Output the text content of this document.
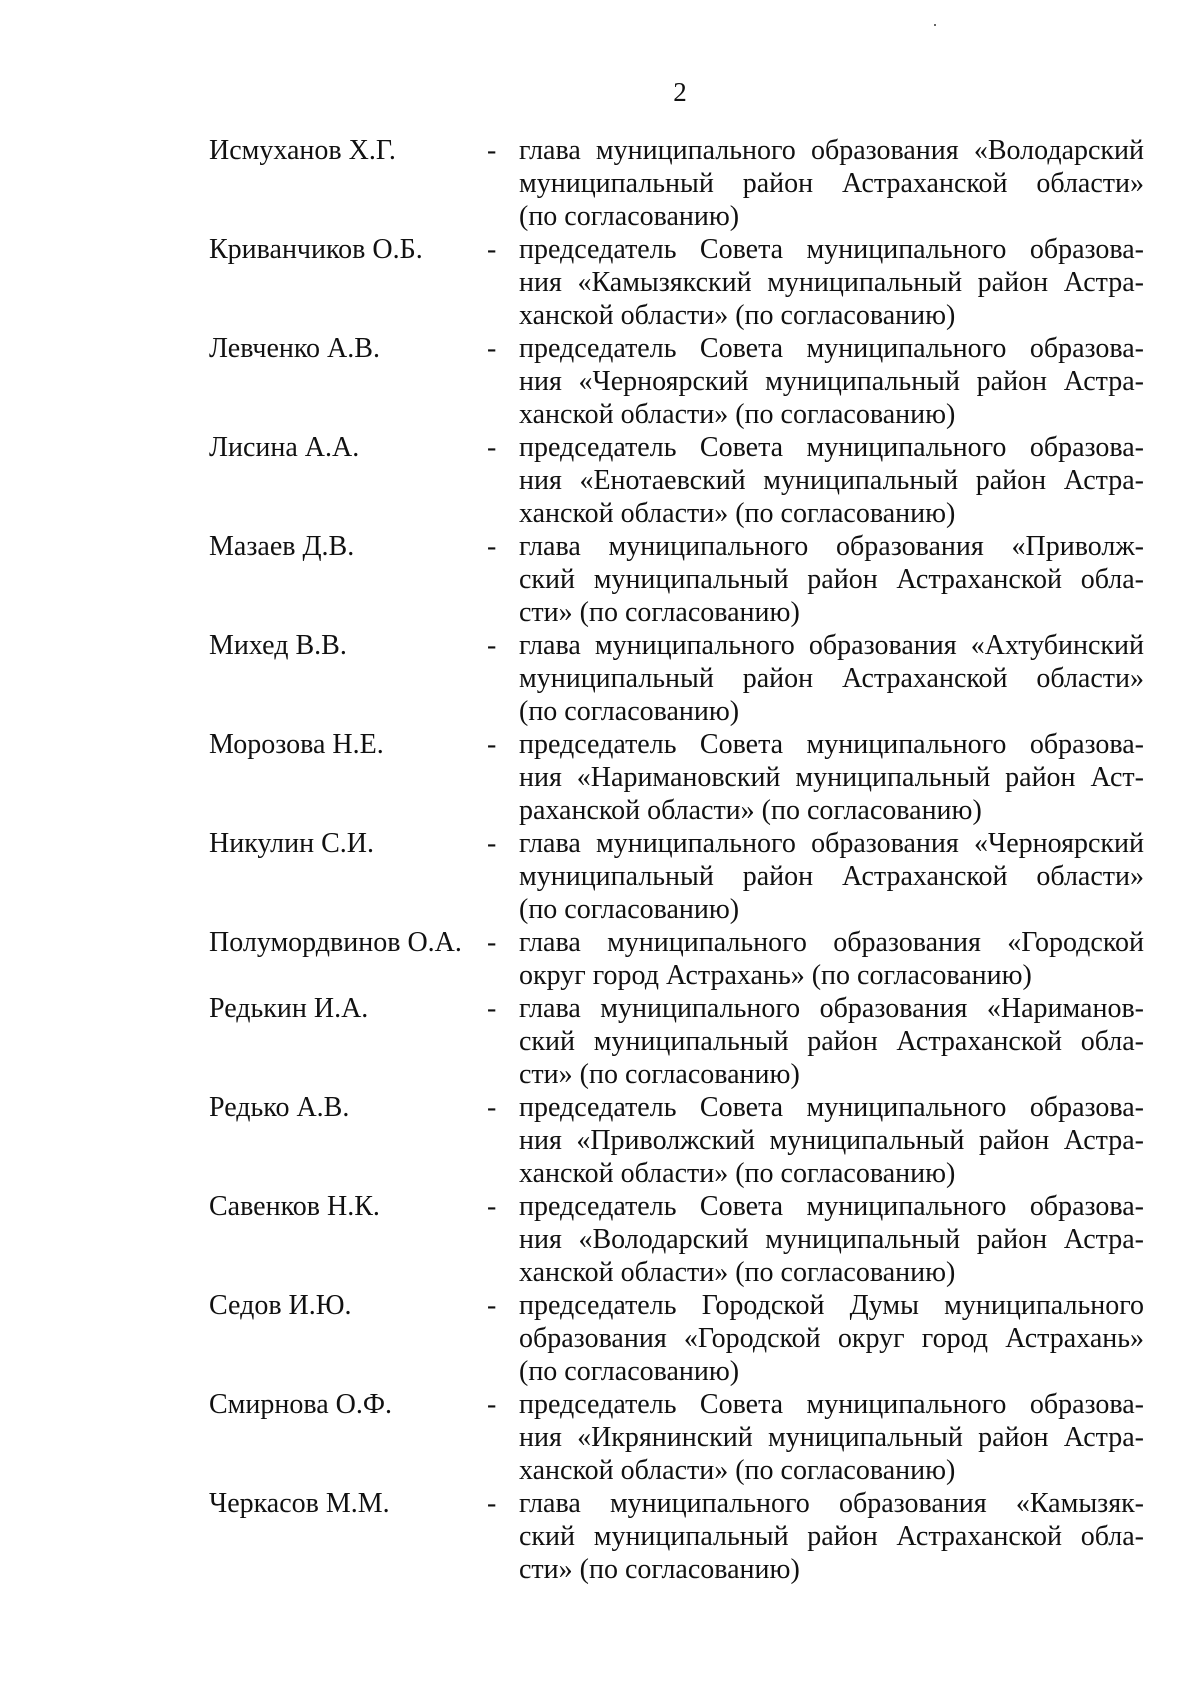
2
Исмуханов Х.Г.	- глава муниципального образования «Володарский
муниципальный район Астраханской области»
(по согласованию)
Криванчиков О.Б.	- председатель Совета муниципального образова-
ния «Камызякский муниципальный район Астра-
ханской области» (по согласованию)
Левченко А.В.	- председатель Совета муниципального образова-
ния «Черноярский муниципальный район Астра-
ханской области» (по согласованию)
Лисина А.А.	- председатель Совета муниципального образова-
ния «Енотаевский муниципальный район Астра-
ханской области» (по согласованию)
Мазаев Д.В.	- глава муниципального образования «Приволж-
ский муниципальный район Астраханской обла-
сти» (по согласованию)
Михед В.В.	- глава муниципального образования «Ахтубинский
муниципальный район Астраханской области»
(по согласованию)
Морозова Н.Е.	- председатель Совета муниципального образова-
ния «Наримановский муниципальный район Аст-
раханской области» (по согласованию)
Никулин С.И.	- глава муниципального образования «Черноярский
муниципальный район Астраханской области»
(по согласованию)
Полумордвинов О.А. - глава муниципального образования «Городской
округ город Астрахань» (по согласованию)
Редькин И.А.	- глава муниципального образования «Нариманов-
ский муниципальный район Астраханской обла-
сти» (по согласованию)
Редько А.В.	- председатель Совета муниципального образова-
ния «Приволжский муниципальный район Астра-
ханской области» (по согласованию)
Савенков Н.К.	- председатель Совета муниципального образова-
ния «Володарский муниципальный район Астра-
ханской области» (по согласованию)
Седов И.Ю.	- председатель Городской Думы муниципального
образования «Городской округ город Астрахань»
(по согласованию)
Смирнова О.Ф.	- председатель Совета муниципального образова-
ния «Икрянинский муниципальный район Астра-
ханской области» (по согласованию)
Черкасов М.М.	- глава муниципального образования «Камызяк-
ский муниципальный район Астраханской обла-
сти» (по согласованию)
